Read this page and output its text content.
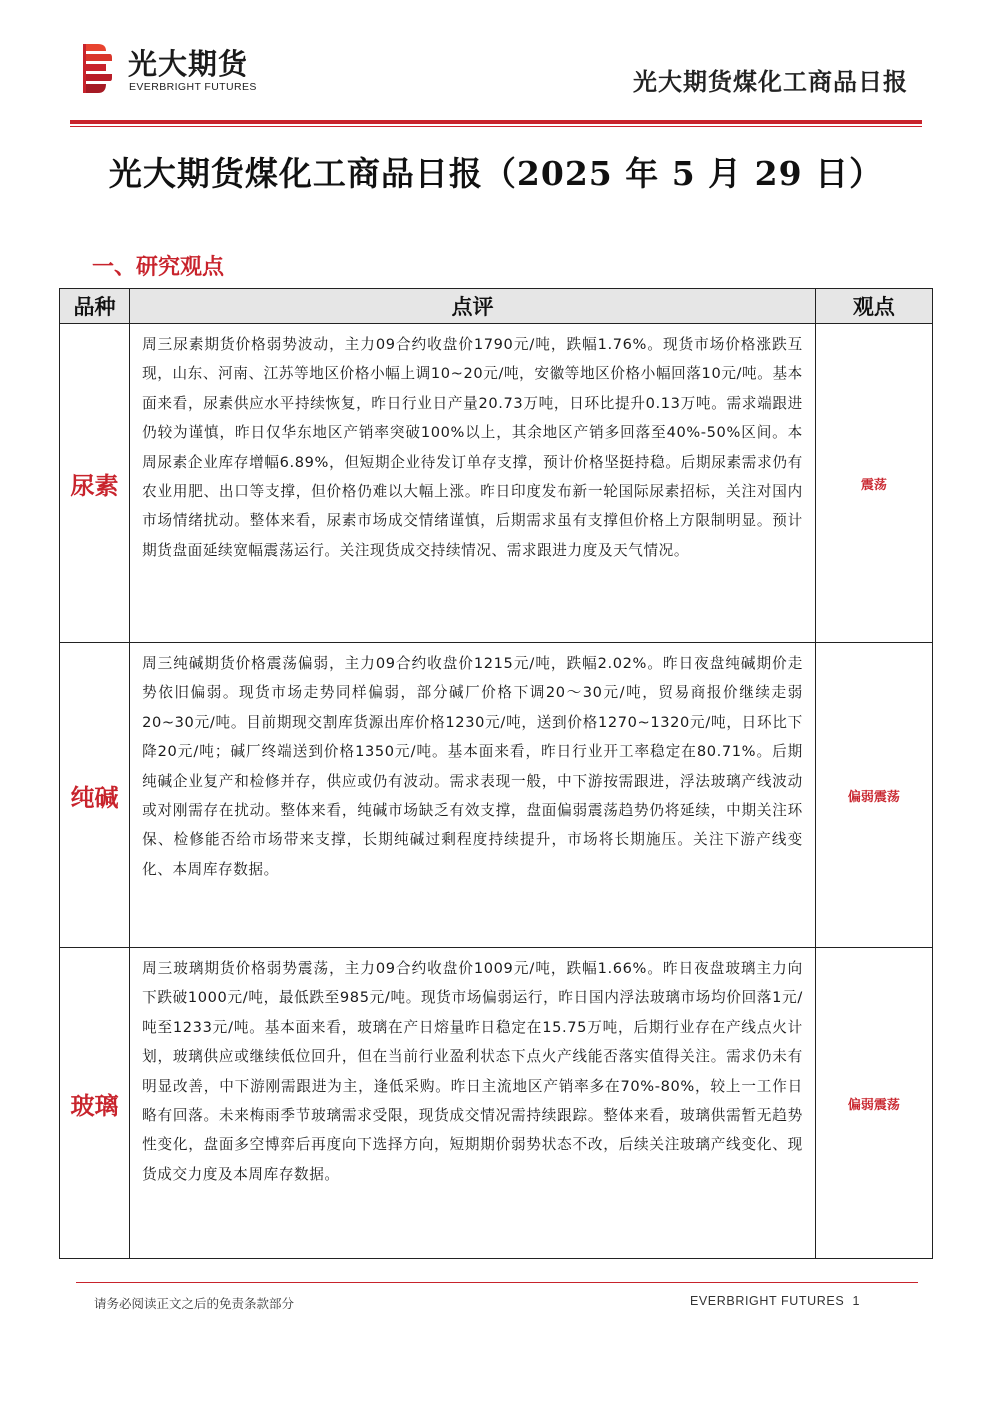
光大期货
EVERBRIGHT FUTURES	光大期货煤化工商品日报
光大期货煤化工商品日报（2025 年 5 月 29 日）
一、研究观点
品种	点评	观点
尿素	周三尿素期货价格弱势波动，主力09合约收盘价1790元/吨，跌幅1.76%。现货市场价格涨跌互现，山东、河南、江苏等地区价格小幅上调10~20元/吨，安徽等地区价格小幅回落10元/吨。基本面来看，尿素供应水平持续恢复，昨日行业日产量20.73万吨，日环比提升0.13万吨。需求端跟进仍较为谨慎，昨日仅华东地区产销率突破100%以上，其余地区产销多回落至40%-50%区间。本周尿素企业库存增幅6.89%，但短期企业待发订单存支撑，预计价格坚挺持稳。后期尿素需求仍有农业用肥、出口等支撑，但价格仍难以大幅上涨。昨日印度发布新一轮国际尿素招标，关注对国内市场情绪扰动。整体来看，尿素市场成交情绪谨慎，后期需求虽有支撑但价格上方限制明显。预计期货盘面延续宽幅震荡运行。关注现货成交持续情况、需求跟进力度及天气情况。	震荡
纯碱	周三纯碱期货价格震荡偏弱，主力09合约收盘价1215元/吨，跌幅2.02%。昨日夜盘纯碱期价走势依旧偏弱。现货市场走势同样偏弱，部分碱厂价格下调20～30元/吨，贸易商报价继续走弱20~30元/吨。目前期现交割库货源出库价格1230元/吨，送到价格1270~1320元/吨，日环比下降20元/吨；碱厂终端送到价格1350元/吨。基本面来看，昨日行业开工率稳定在80.71%。后期纯碱企业复产和检修并存，供应或仍有波动。需求表现一般，中下游按需跟进，浮法玻璃产线波动或对刚需存在扰动。整体来看，纯碱市场缺乏有效支撑，盘面偏弱震荡趋势仍将延续，中期关注环保、检修能否给市场带来支撑，长期纯碱过剩程度持续提升，市场将长期施压。关注下游产线变化、本周库存数据。	偏弱震荡
玻璃	周三玻璃期货价格弱势震荡，主力09合约收盘价1009元/吨，跌幅1.66%。昨日夜盘玻璃主力向下跌破1000元/吨，最低跌至985元/吨。现货市场偏弱运行，昨日国内浮法玻璃市场均价回落1元/吨至1233元/吨。基本面来看，玻璃在产日熔量昨日稳定在15.75万吨，后期行业存在产线点火计划，玻璃供应或继续低位回升，但在当前行业盈利状态下点火产线能否落实值得关注。需求仍未有明显改善，中下游刚需跟进为主，逢低采购。昨日主流地区产销率多在70%-80%，较上一工作日略有回落。未来梅雨季节玻璃需求受限，现货成交情况需持续跟踪。整体来看，玻璃供需暂无趋势性变化，盘面多空博弈后再度向下选择方向，短期期价弱势状态不改，后续关注玻璃产线变化、现货成交力度及本周库存数据。	偏弱震荡
请务必阅读正文之后的免责条款部分	EVERBRIGHT FUTURES 1
